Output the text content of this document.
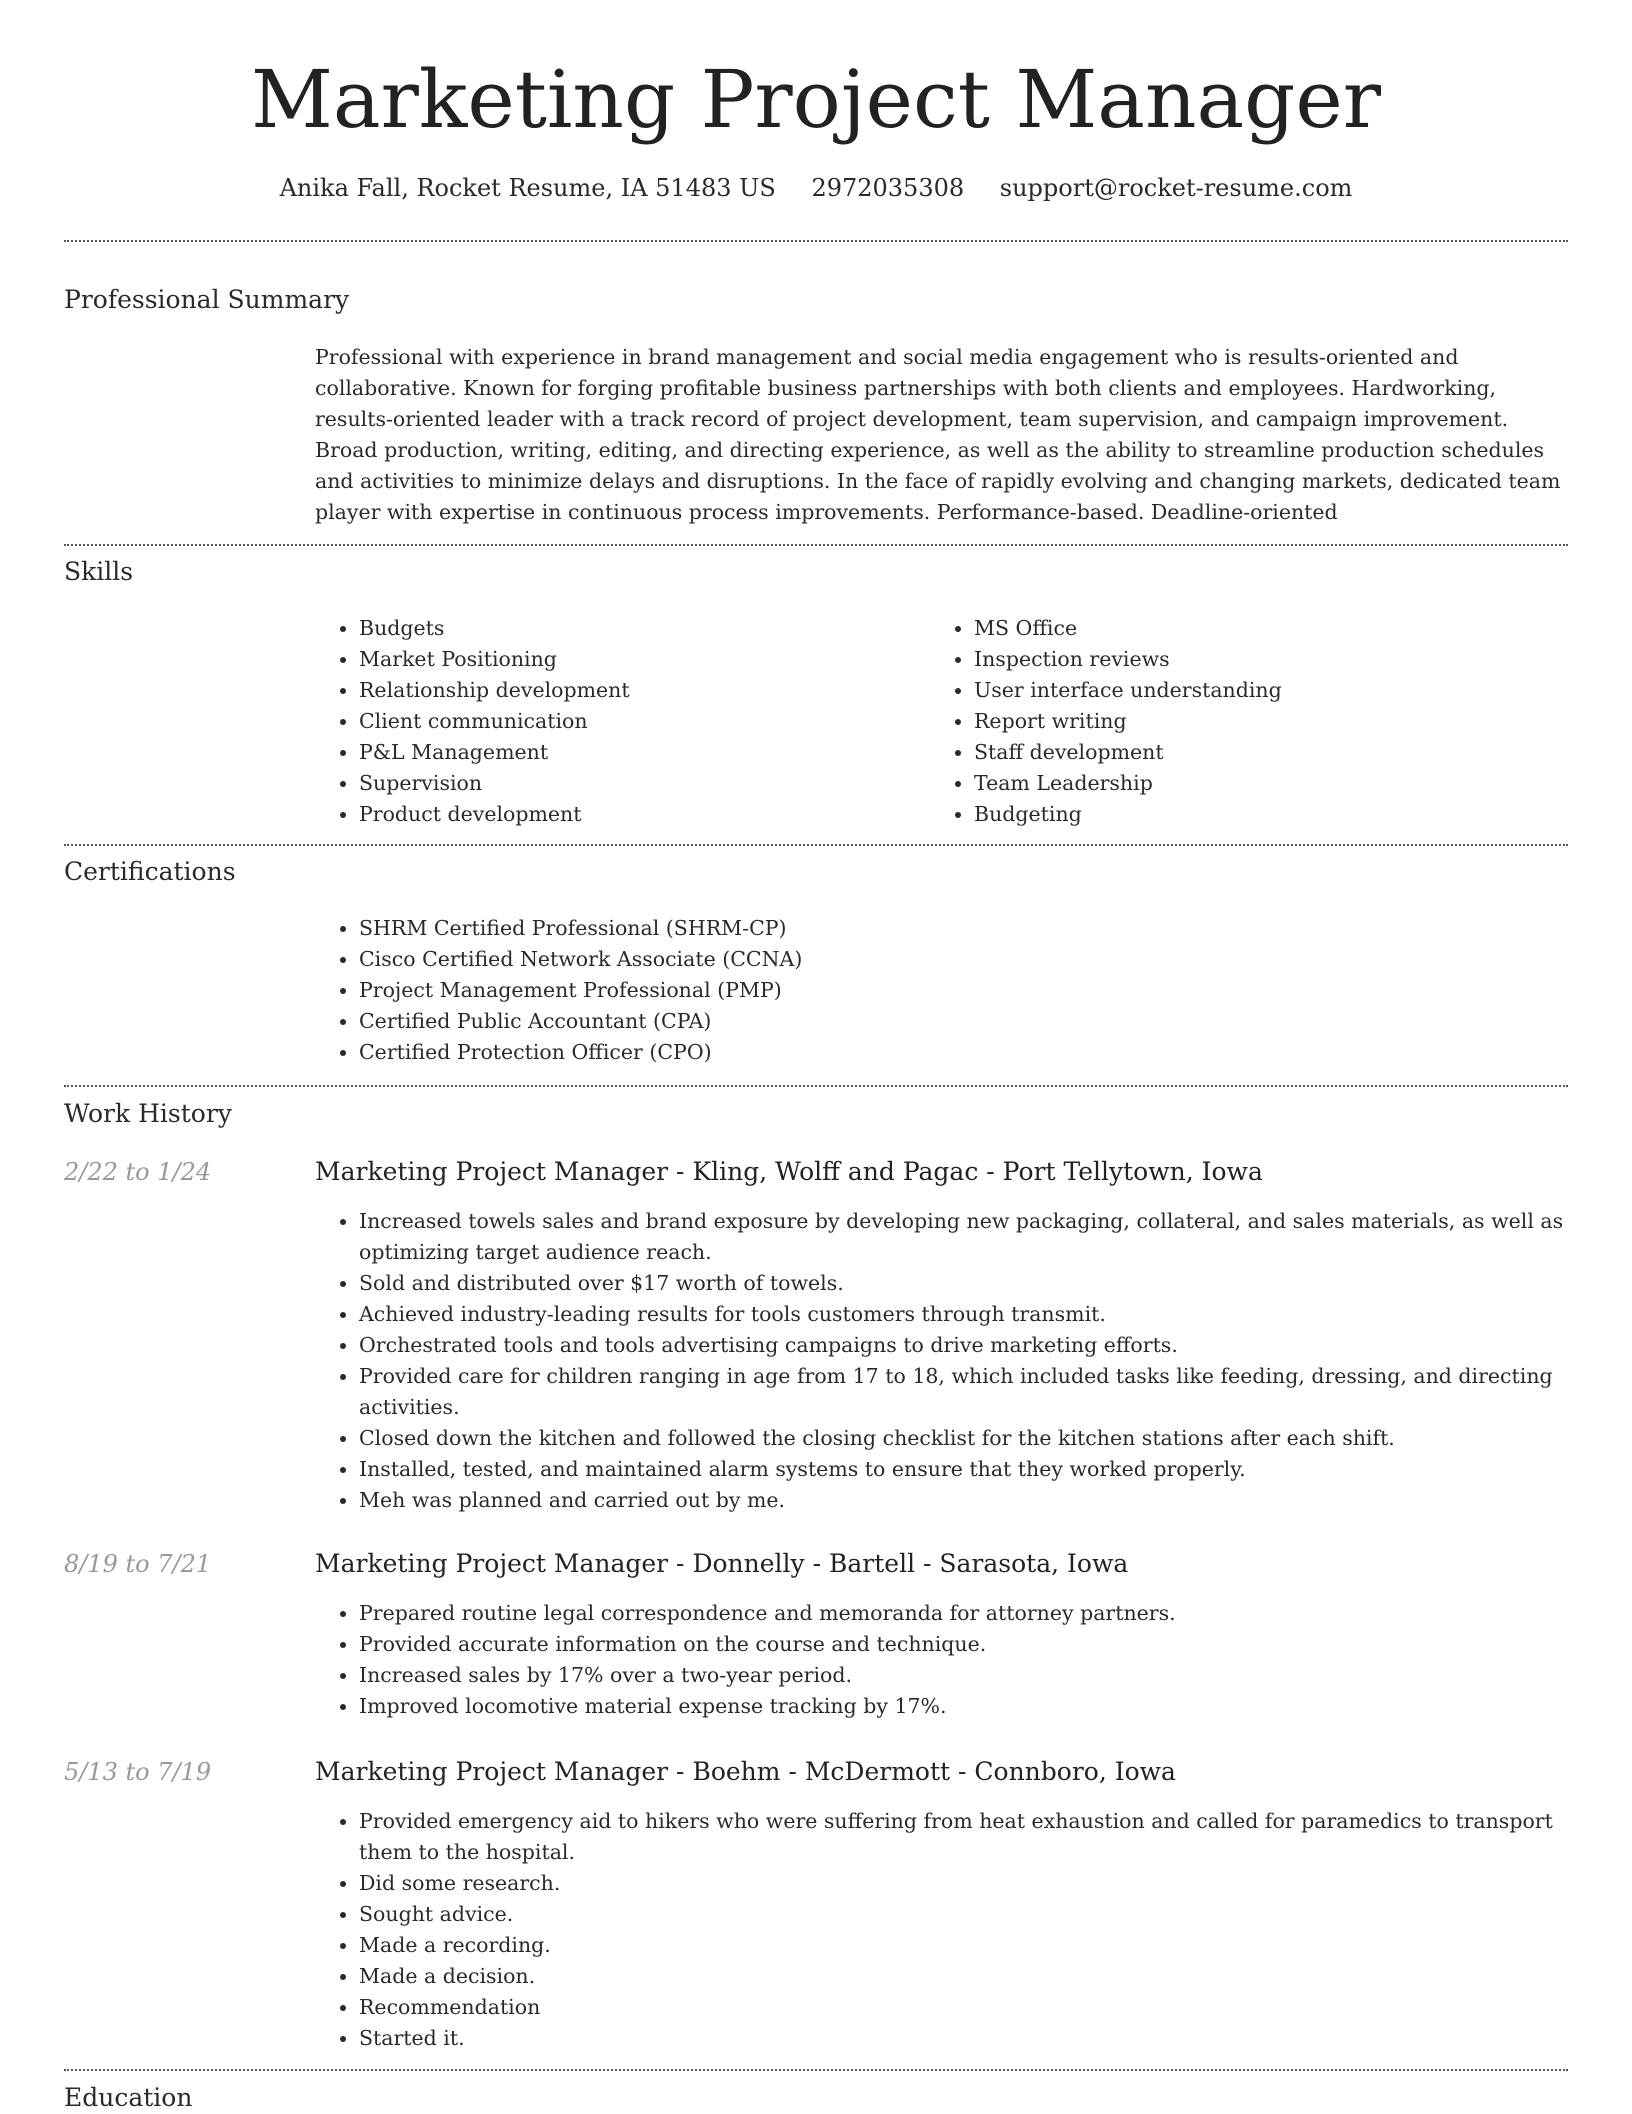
Marketing Project Manager
Anika Fall, Rocket Resume, IA 51483 US 2972035308 support@rocket-resume.com
Professional Summary

Professional with experience in brand management and social media engagement who is results-oriented and collaborative. Known for forging profitable business partnerships with both clients and employees. Hardworking, results-oriented leader with a track record of project development, team supervision, and campaign improvement. Broad production, writing, editing, and directing experience, as well as the ability to streamline production schedules and activities to minimize delays and disruptions. In the face of rapidly evolving and changing markets, dedicated team player with expertise in continuous process improvements. Performance-based. Deadline-oriented

Skills
• Budgets
• Market Positioning
• Relationship development
• Client communication
• P&L Management
• Supervision
• Product development
• MS Office
• Inspection reviews
• User interface understanding
• Report writing
• Staff development
• Team Leadership
• Budgeting
Certifications
• SHRM Certified Professional (SHRM-CP)
• Cisco Certified Network Associate (CCNA)
• Project Management Professional (PMP)
• Certified Public Accountant (CPA)
• Certified Protection Officer (CPO)
Work History
2/22 to 1/24	Marketing Project Manager - Kling, Wolff and Pagac - Port Tellytown, Iowa
• Increased towels sales and brand exposure by developing new packaging, collateral, and sales materials, as well as optimizing target audience reach.
• Sold and distributed over $17 worth of towels.
• Achieved industry-leading results for tools customers through transmit.
• Orchestrated tools and tools advertising campaigns to drive marketing efforts.
• Provided care for children ranging in age from 17 to 18, which included tasks like feeding, dressing, and directing activities.
• Closed down the kitchen and followed the closing checklist for the kitchen stations after each shift.
• Installed, tested, and maintained alarm systems to ensure that they worked properly.
• Meh was planned and carried out by me.
8/19 to 7/21	Marketing Project Manager - Donnelly - Bartell - Sarasota, Iowa
• Prepared routine legal correspondence and memoranda for attorney partners.
• Provided accurate information on the course and technique.
• Increased sales by 17% over a two-year period.
• Improved locomotive material expense tracking by 17%.
5/13 to 7/19	Marketing Project Manager - Boehm - McDermott - Connboro, Iowa
• Provided emergency aid to hikers who were suffering from heat exhaustion and called for paramedics to transport them to the hospital.
• Did some research.
• Sought advice.
• Made a recording.
• Made a decision.
• Recommendation
• Started it.
Education
